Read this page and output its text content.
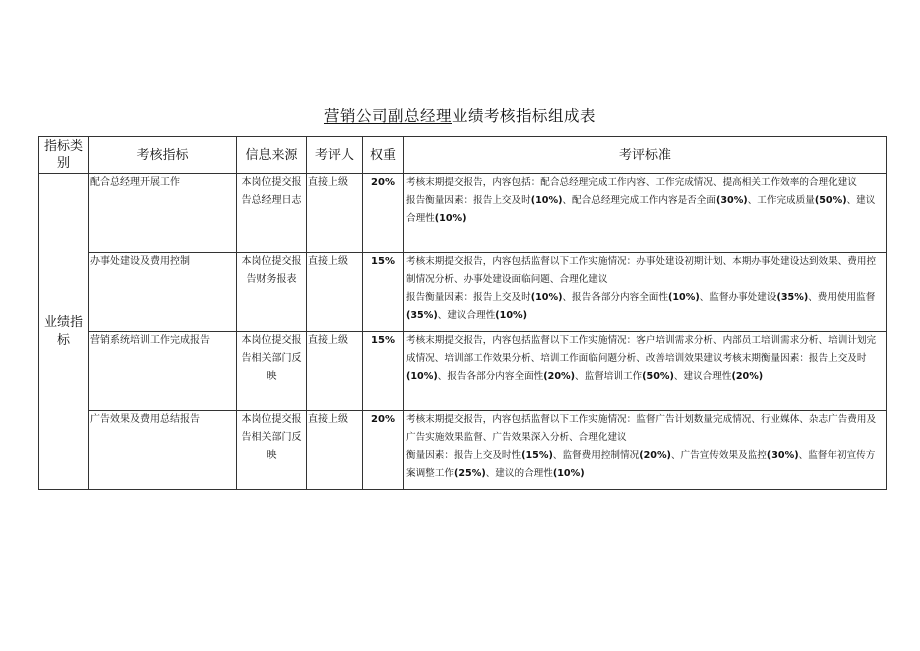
营销公司副总经理业绩考核指标组成表
指标类别	考核指标	信息来源	考评人	权重	考评标准
业绩指标	配合总经理开展工作	本岗位提交报告总经理日志	直接上级	20%	考核末期提交报告，内容包括：配合总经理完成工作内容、工作完成情况、提高相关工作效率的合理化建议

报告衡量因素：报告上交及时(10%)、配合总经理完成工作内容是否全面(30%)、工作完成质量(50%)、建议合理性(10%)

	办事处建设及费用控制	本岗位提交报告财务报表	直接上级	15%	考核末期提交报告，内容包括监督以下工作实施情况：办事处建设初期计划、本期办事处建设达到效果、费用控制情况分析、办事处建设面临问题、合理化建议

报告衡量因素：报告上交及时(10%)、报告各部分内容全面性(10%)、监督办事处建设(35%)、费用使用监督(35%)、建议合理性(10%)

	营销系统培训工作完成报告	本岗位提交报告相关部门反映	直接上级	15%	考核末期提交报告，内容包括监督以下工作实施情况：客户培训需求分析、内部员工培训需求分析、培训计划完成情况、培训部工作效果分析、培训工作面临问题分析、改善培训效果建议考核末期衡量因素：报告上交及时(10%)、报告各部分内容全面性(20%)、监督培训工作(50%)、建议合理性(20%)

	广告效果及费用总结报告	本岗位提交报告相关部门反映	直接上级	20%	考核末期提交报告，内容包括监督以下工作实施情况：监督广告计划数量完成情况、行业媒体、杂志广告费用及广告实施效果监督、广告效果深入分析、合理化建议

衡量因素：报告上交及时性(15%)、监督费用控制情况(20%)、广告宣传效果及监控(30%)、监督年初宣传方案调整工作(25%)、建议的合理性(10%)
